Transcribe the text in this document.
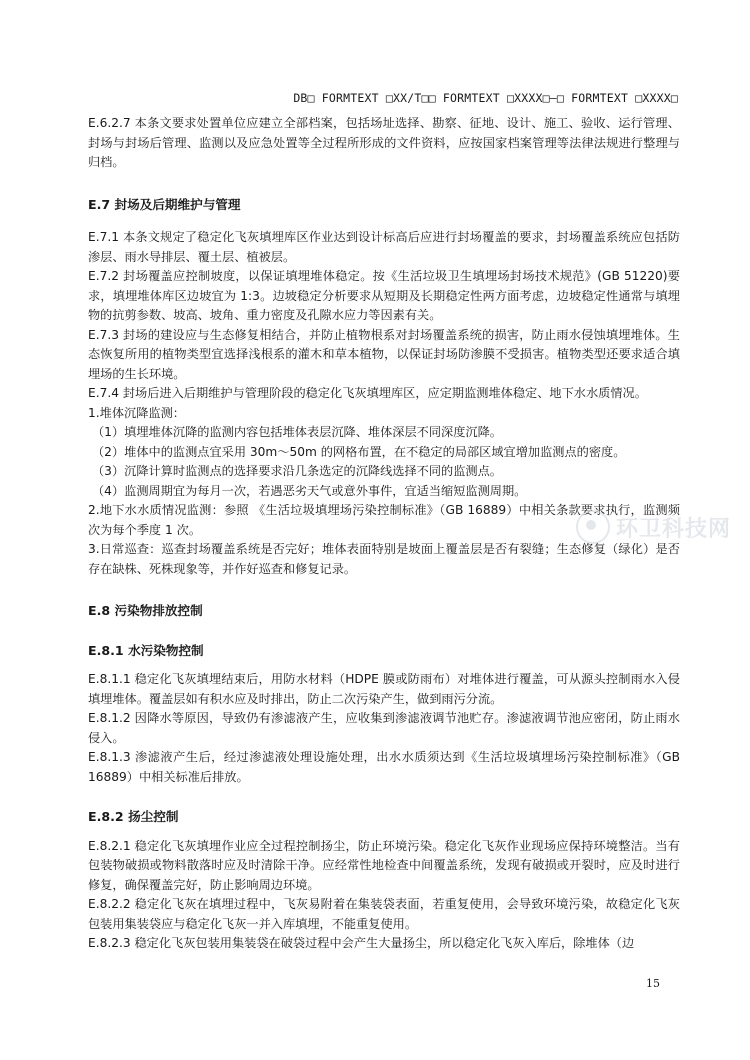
DB□ FORMTEXT □XX/T□□ FORMTEXT □XXXX□—□ FORMTEXT □XXXX□

E.6.2.7 本条文要求处置单位应建立全部档案，包括场址选择、勘察、征地、设计、施工、验收、运行管理、封场与封场后管理、监测以及应急处置等全过程所形成的文件资料，应按国家档案管理等法律法规进行整理与归档。

E.7 封场及后期维护与管理

E.7.1 本条文规定了稳定化飞灰填埋库区作业达到设计标高后应进行封场覆盖的要求，封场覆盖系统应包括防渗层、雨水导排层、覆土层、植被层。

E.7.2 封场覆盖应控制坡度，以保证填埋堆体稳定。按《生活垃圾卫生填埋场封场技术规范》(GB 51220)要求，填埋堆体库区边坡宜为 1:3。边坡稳定分析要求从短期及长期稳定性两方面考虑，边坡稳定性通常与填埋物的抗剪参数、坡高、坡角、重力密度及孔隙水应力等因素有关。

E.7.3 封场的建设应与生态修复相结合，并防止植物根系对封场覆盖系统的损害，防止雨水侵蚀填埋堆体。生态恢复所用的植物类型宜选择浅根系的灌木和草本植物，以保证封场防渗膜不受损害。植物类型还要求适合填埋场的生长环境。

E.7.4 封场后进入后期维护与管理阶段的稳定化飞灰填埋库区，应定期监测堆体稳定、地下水水质情况。

1.堆体沉降监测：

（1）填埋堆体沉降的监测内容包括堆体表层沉降、堆体深层不同深度沉降。

（2）堆体中的监测点宜采用 30m～50m 的网格布置，在不稳定的局部区域宜增加监测点的密度。

（3）沉降计算时监测点的选择要求沿几条选定的沉降线选择不同的监测点。

（4）监测周期宜为每月一次，若遇恶劣天气或意外事件，宜适当缩短监测周期。

2.地下水水质情况监测：参照 《生活垃圾填埋场污染控制标准》（GB 16889）中相关条款要求执行，监测频次为每个季度 1 次。

3.日常巡查：巡查封场覆盖系统是否完好；堆体表面特别是坡面上覆盖层是否有裂缝；生态修复（绿化）是否存在缺株、死株现象等，并作好巡查和修复记录。

E.8 污染物排放控制

E.8.1 水污染物控制

E.8.1.1 稳定化飞灰填埋结束后，用防水材料（HDPE 膜或防雨布）对堆体进行覆盖，可从源头控制雨水入侵填埋堆体。覆盖层如有积水应及时排出，防止二次污染产生，做到雨污分流。

E.8.1.2 因降水等原因，导致仍有渗滤液产生，应收集到渗滤液调节池贮存。渗滤液调节池应密闭，防止雨水侵入。

E.8.1.3 渗滤液产生后，经过渗滤液处理设施处理，出水水质须达到《生活垃圾填埋场污染控制标准》（GB 16889）中相关标准后排放。

E.8.2 扬尘控制

E.8.2.1 稳定化飞灰填埋作业应全过程控制扬尘，防止环境污染。稳定化飞灰作业现场应保持环境整洁。当有包装物破损或物料散落时应及时清除干净。应经常性地检查中间覆盖系统，发现有破损或开裂时，应及时进行修复，确保覆盖完好，防止影响周边环境。

E.8.2.2 稳定化飞灰在填埋过程中，飞灰易附着在集装袋表面，若重复使用，会导致环境污染，故稳定化飞灰包装用集装袋应与稳定化飞灰一并入库填埋，不能重复使用。

E.8.2.3 稳定化飞灰包装用集装袋在破袋过程中会产生大量扬尘，所以稳定化飞灰入库后，除堆体（边

环卫科技网
15
